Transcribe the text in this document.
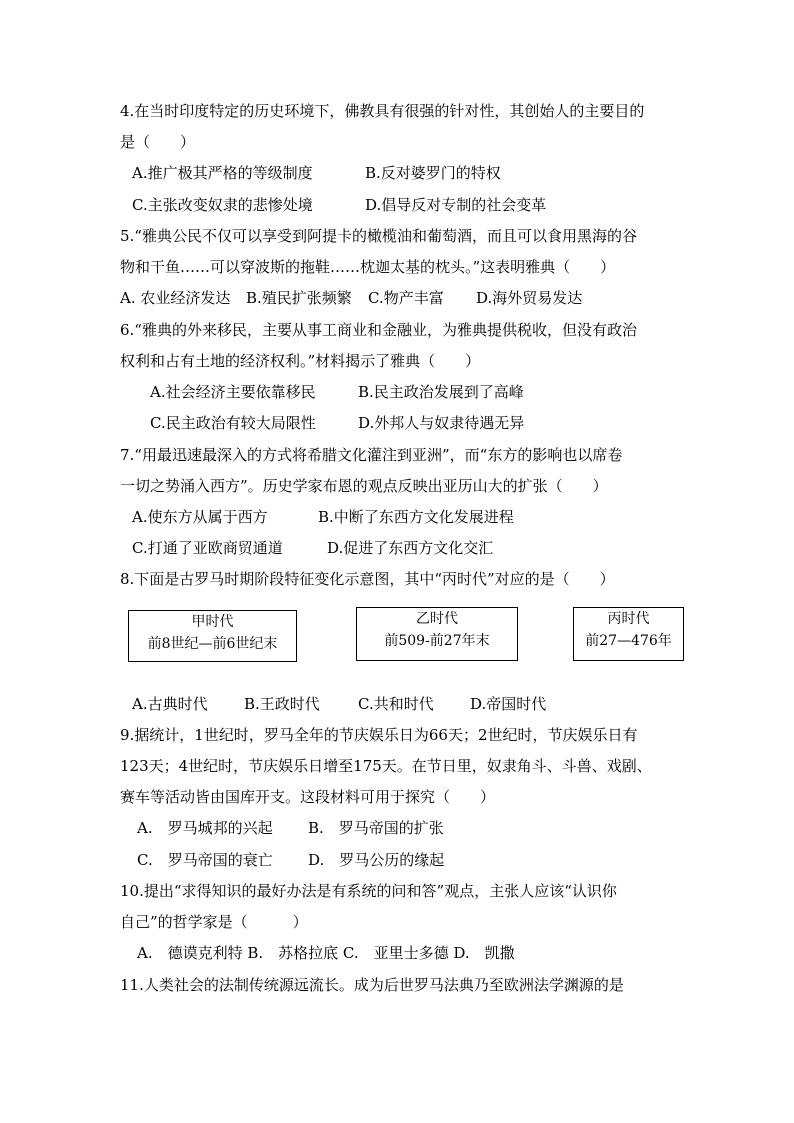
4.在当时印度特定的历史环境下，佛教具有很强的针对性，其创始人的主要目的
是（　　）
A.推广极其严格的等级制度	B.反对婆罗门的特权
C.主张改变奴隶的悲惨处境	D.倡导反对专制的社会变革
5.“雅典公民不仅可以享受到阿提卡的橄榄油和葡萄酒，而且可以食用黑海的谷
物和干鱼……可以穿波斯的拖鞋……枕迦太基的枕头。”这表明雅典（　　）
A. 农业经济发达 B.殖民扩张频繁 C.物产丰富 D.海外贸易发达
6.“雅典的外来移民，主要从事工商业和金融业，为雅典提供税收，但没有政治
权利和占有土地的经济权利。”材料揭示了雅典（　　）
A.社会经济主要依靠移民	B.民主政治发展到了高峰
C.民主政治有较大局限性	D.外邦人与奴隶待遇无异
7.“用最迅速最深入的方式将希腊文化灌注到亚洲”，而“东方的影响也以席卷
一切之势涌入西方”。历史学家布恩的观点反映出亚历山大的扩张（　　）
A.使东方从属于西方	B.中断了东西方文化发展进程
C.打通了亚欧商贸通道	D.促进了东西方文化交汇
8.下面是古罗马时期阶段特征变化示意图，其中“丙时代”对应的是（　　）
甲时代
前8世纪—前6世纪末
乙时代
前509-前27年末
丙时代
前27—476年
A.古典时代 B.王政时代	C.共和时代 D.帝国时代
9.据统计，1世纪时，罗马全年的节庆娱乐日为66天；2世纪时，节庆娱乐日有
123天；4世纪时，节庆娱乐日增至175天。在节日里，奴隶角斗、斗兽、戏剧、
赛车等活动皆由国库开支。这段材料可用于探究（　　）
A.　罗马城邦的兴起 B.　罗马帝国的扩张
C.　罗马帝国的衰亡 D.　罗马公历的缘起
10.提出“求得知识的最好办法是有系统的问和答”观点，主张人应该“认识你
自己”的哲学家是（　　　）
A.　德谟克利特 B.　苏格拉底 C.　亚里士多德 D.　凯撒
11.人类社会的法制传统源远流长。成为后世罗马法典乃至欧洲法学渊源的是
